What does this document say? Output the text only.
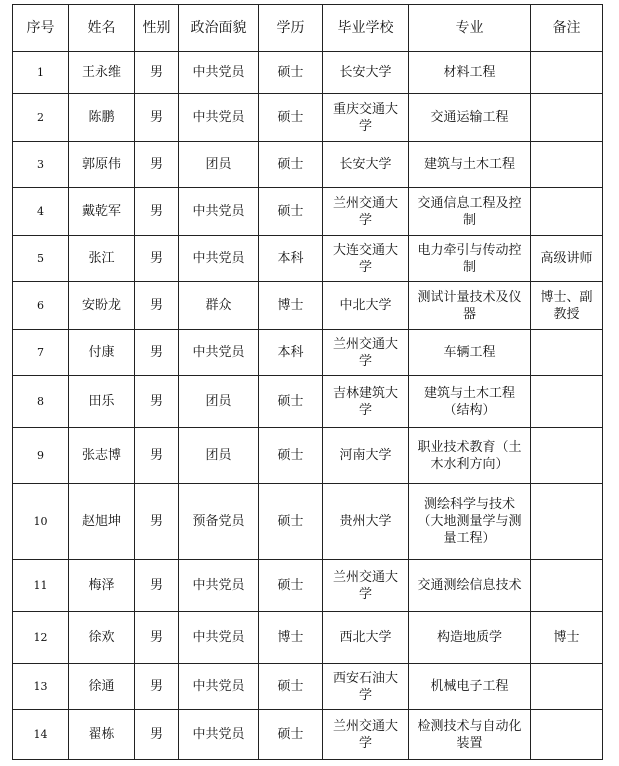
序号	姓名	性别	政治面貌	学历	毕业学校	专业	备注
1	王永维	男	中共党员	硕士	长安大学	材料工程	
2	陈鹏	男	中共党员	硕士	重庆交通大学	交通运输工程	
3	郭原伟	男	团员	硕士	长安大学	建筑与土木工程	
4	戴乾军	男	中共党员	硕士	兰州交通大学	交通信息工程及控制	
5	张江	男	中共党员	本科	大连交通大学	电力牵引与传动控制	高级讲师
6	安盼龙	男	群众	博士	中北大学	测试计量技术及仪器	博士、副教授
7	付康	男	中共党员	本科	兰州交通大学	车辆工程	
8	田乐	男	团员	硕士	吉林建筑大学	建筑与土木工程（结构）	
9	张志博	男	团员	硕士	河南大学	职业技术教育（土木水利方向）	
10	赵旭坤	男	预备党员	硕士	贵州大学	测绘科学与技术（大地测量学与测量工程）	
11	梅泽	男	中共党员	硕士	兰州交通大学	交通测绘信息技术	
12	徐欢	男	中共党员	博士	西北大学	构造地质学	博士
13	徐通	男	中共党员	硕士	西安石油大学	机械电子工程	
14	翟栋	男	中共党员	硕士	兰州交通大学	检测技术与自动化装置	
